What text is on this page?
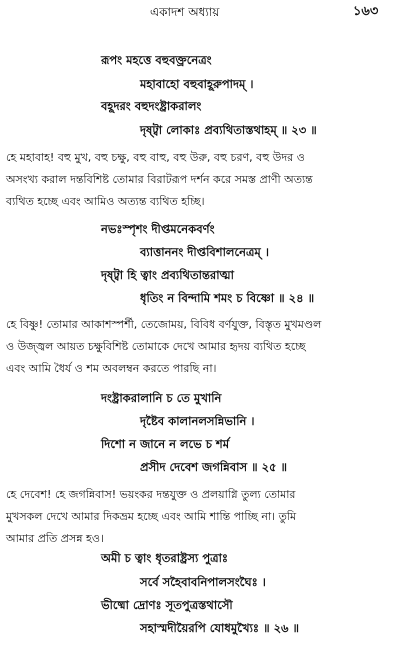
একাদশ অধ্যায়	১৬৩
রূপং মহত্তে বহুবক্ত্রনেত্রং
মহাবাহো বহুবাহূরুপাদম্ ।
বহূদরং বহুদংষ্ট্রাকরালং
দৃষ্ট্বা লোকাঃ প্রব্যথিতাস্তথাহম্ ॥ ২৩ ॥
হে মহাবাহ! বহু মুখ, বহু চক্ষু, বহু বাহু, বহু উরু, বহু চরণ, বহু উদর ও
অসংখ্য করাল দন্তবিশিষ্ট তোমার বিরাটরূপ দর্শন করে সমস্ত প্রাণী অত্যন্ত
ব্যথিত হচ্ছে এবং আমিও অত্যন্ত ব্যথিত হচ্ছি।
নভঃস্পৃশং দীপ্তমনেকবর্ণং
ব্যাত্তাননং দীপ্তবিশালনেত্রম্ ।
দৃষ্ট্বা হি ত্বাং প্রব্যথিতান্তরাত্মা
ধৃতিং ন বিন্দামি শমং চ বিষ্ণো ॥ ২৪ ॥
হে বিষ্ণু! তোমার আকাশস্পর্শী, তেজোময়, বিবিধ বর্ণযুক্ত, বিস্তৃত মুখমণ্ডল
ও উজ্জ্বল আয়ত চক্ষুবিশিষ্ট তোমাকে দেখে আমার হৃদয় ব্যথিত হচ্ছে
এবং আমি ধৈর্য ও শম অবলম্বন করতে পারছি না।
দংষ্ট্রাকরালানি চ তে মুখানি
দৃষ্টৈব কালানলসন্নিভানি ।
দিশো ন জানে ন লভে চ শর্ম
প্রসীদ দেবেশ জগন্নিবাস ॥ ২৫ ॥
হে দেবেশ! হে জগন্নিবাস! ভয়ংকর দন্তযুক্ত ও প্রলয়াগ্নি তুল্য তোমার
মুখসকল দেখে আমার দিকভ্রম হচ্ছে এবং আমি শান্তি পাচ্ছি না। তুমি
আমার প্রতি প্রসন্ন হও।
অমী চ ত্বাং ধৃতরাষ্ট্রস্য পুত্রাঃ
সর্বে সহৈবাবনিপালসংঘৈঃ ।
ভীষ্মো দ্রোণঃ সূতপুত্রস্তথাসৌ
সহাস্মদীয়ৈরপি যোধমুখ্যৈঃ ॥ ২৬ ॥
